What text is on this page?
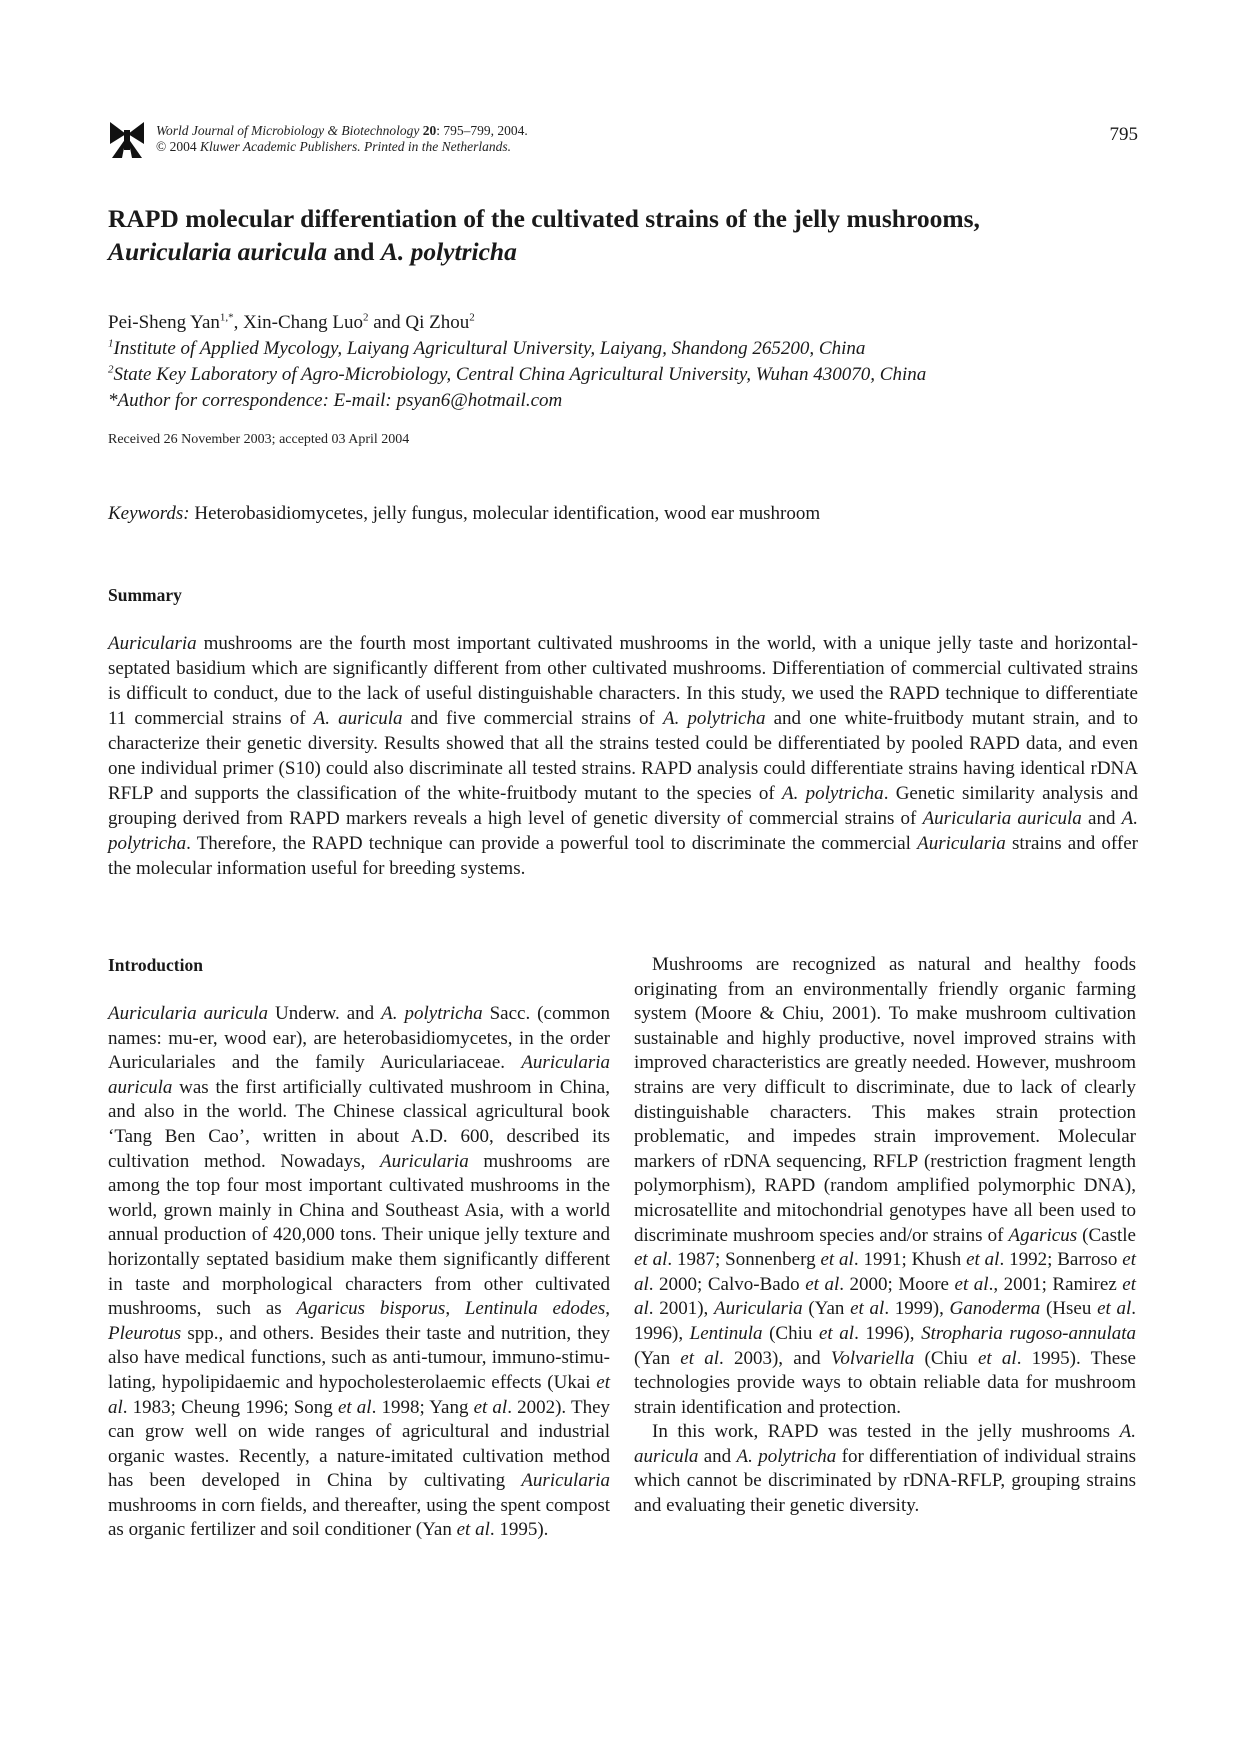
World Journal of Microbiology & Biotechnology 20: 795–799, 2004.
© 2004 Kluwer Academic Publishers. Printed in the Netherlands.
795
RAPD molecular differentiation of the cultivated strains of the jelly mushrooms,
Auricularia auricula and A. polytricha
Pei-Sheng Yan$^{1,*}$, Xin-Chang Luo$^2$ and Qi Zhou$^2$
$^1$Institute of Applied Mycology, Laiyang Agricultural University, Laiyang, Shandong 265200, China
$^2$State Key Laboratory of Agro-Microbiology, Central China Agricultural University, Wuhan 430070, China
*Author for correspondence: E-mail: psyan6@hotmail.com
Received 26 November 2003; accepted 03 April 2004
Keywords: Heterobasidiomycetes, jelly fungus, molecular identification, wood ear mushroom
Summary
Auricularia mushrooms are the fourth most important cultivated mushrooms in the world, with a unique jelly taste and horizontal-septated basidium which are significantly different from other cultivated mushrooms. Differentiation of commercial cultivated strains is difficult to conduct, due to the lack of useful distinguishable characters. In this study, we used the RAPD technique to differentiate 11 commercial strains of A. auricula and five commercial strains of A. polytricha and one white-fruitbody mutant strain, and to characterize their genetic diversity. Results showed that all the strains tested could be differentiated by pooled RAPD data, and even one individual primer (S10) could also discriminate all tested strains. RAPD analysis could differentiate strains having identical rDNA RFLP and supports the classification of the white-fruitbody mutant to the species of A. polytricha. Genetic similarity analysis and grouping derived from RAPD markers reveals a high level of genetic diversity of commercial strains of Auricularia auricula and A. polytricha. Therefore, the RAPD technique can provide a powerful tool to discriminate the commercial Auricularia strains and offer the molecular information useful for breeding systems.
Introduction

Auricularia auricula Underw. and A. polytricha Sacc. (common names: mu-er, wood ear), are heterobasidiomycetes, in the order Auriculariales and the family Auriculariaceae. Auricularia auricula was the first artificially cultivated mushroom in China, and also in the world. The Chinese classical agricultural book ‘Tang Ben Cao’, written in about A.D. 600, described its cultivation method. Nowadays, Auricularia mushrooms are among the top four most important cultivated mushrooms in the world, grown mainly in China and Southeast Asia, with a world annual production of 420,000 tons. Their unique jelly texture and horizontally septated basidium make them significantly different in taste and morphological characters from other cultivated mushrooms, such as Agaricus bisporus, Lentinula edodes, Pleurotus spp., and others. Besides their taste and nutrition, they also have medical functions, such as anti-tumour, immuno-stimulating, hypolipidaemic and hypocholesterolaemic effects (Ukai et al. 1983; Cheung 1996; Song et al. 1998; Yang et al. 2002). They can grow well on wide ranges of agricultural and industrial organic wastes. Recently, a nature-imitated cultivation method has been developed in China by cultivating Auricularia mushrooms in corn fields, and thereafter, using the spent compost as organic fertilizer and soil conditioner (Yan et al. 1995).

Mushrooms are recognized as natural and healthy foods originating from an environmentally friendly organic farming system (Moore & Chiu, 2001). To make mushroom cultivation sustainable and highly productive, novel improved strains with improved characteristics are greatly needed. However, mushroom strains are very difficult to discriminate, due to lack of clearly distinguishable characters. This makes strain protection problematic, and impedes strain improvement. Molecular markers of rDNA sequencing, RFLP (restriction fragment length polymorphism), RAPD (random amplified polymorphic DNA), microsatellite and mitochondrial genotypes have all been used to discriminate mushroom species and/or strains of Agaricus (Castle et al. 1987; Sonnenberg et al. 1991; Khush et al. 1992; Barroso et al. 2000; Calvo-Bado et al. 2000; Moore et al., 2001; Ramirez et al. 2001), Auricularia (Yan et al. 1999), Ganoderma (Hseu et al. 1996), Lentinula (Chiu et al. 1996), Stropharia rugoso-annulata (Yan et al. 2003), and Volvariella (Chiu et al. 1995). These technologies provide ways to obtain reliable data for mushroom strain identification and protection.

In this work, RAPD was tested in the jelly mushrooms A. auricula and A. polytricha for differentiation of individual strains which cannot be discriminated by rDNA-RFLP, grouping strains and evaluating their genetic diversity.
